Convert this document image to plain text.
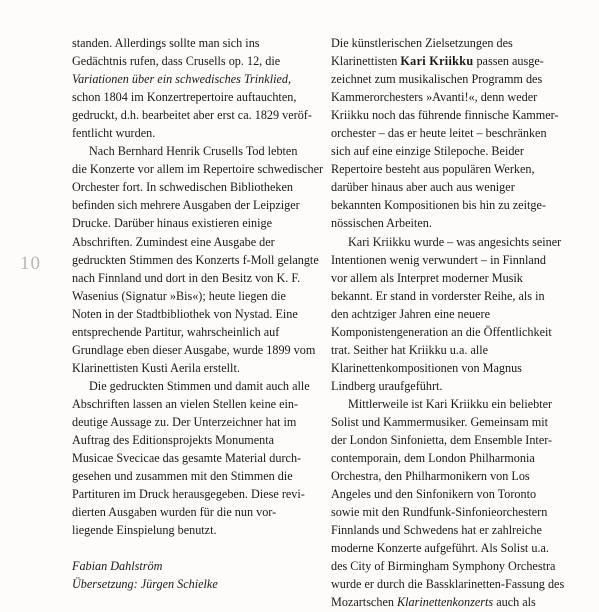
10

standen. Allerdings sollte man sich ins
Gedächtnis rufen, dass Crusells op. 12, die
Variationen über ein schwedisches Trinklied,
schon 1804 im Konzertrepertoire auftauchten,
gedruckt, d.h. bearbeitet aber erst ca. 1829 veröf-
fentlicht wurden.

Nach Bernhard Henrik Crusells Tod lebten
die Konzerte vor allem im Repertoire schwedischer
Orchester fort. In schwedischen Bibliotheken
befinden sich mehrere Ausgaben der Leipziger
Drucke. Darüber hinaus existieren einige
Abschriften. Zumindest eine Ausgabe der
gedruckten Stimmen des Konzerts f-Moll gelangte
nach Finnland und dort in den Besitz von K. F.
Wasenius (Signatur »Bis«); heute liegen die
Noten in der Stadtbibliothek von Nystad. Eine
entsprechende Partitur, wahrscheinlich auf
Grundlage eben dieser Ausgabe, wurde 1899 vom
Klarinettisten Kusti Aerila erstellt.

Die gedruckten Stimmen und damit auch alle
Abschriften lassen an vielen Stellen keine ein-
deutige Aussage zu. Der Unterzeichner hat im
Auftrag des Editionsprojekts Monumenta
Musicae Svecicae das gesamte Material durch-
gesehen und zusammen mit den Stimmen die
Partituren im Druck herausgegeben. Diese revi-
dierten Ausgaben wurden für die nun vor-
liegende Einspielung benutzt.

Fabian Dahlström
Übersetzung: Jürgen Schielke

Die künstlerischen Zielsetzungen des
Klarinettisten Kari Kriikku passen ausge-
zeichnet zum musikalischen Programm des
Kammerorchesters »Avanti!«, denn weder
Kriikku noch das führende finnische Kammer-
orchester – das er heute leitet – beschränken
sich auf eine einzige Stilepoche. Beider
Repertoire besteht aus populären Werken,
darüber hinaus aber auch aus weniger
bekannten Kompositionen bis hin zu zeitge-
nössischen Arbeiten.

Kari Kriikku wurde – was angesichts seiner
Intentionen wenig verwundert – in Finnland
vor allem als Interpret moderner Musik
bekannt. Er stand in vorderster Reihe, als in
den achtziger Jahren eine neuere
Komponistengeneration an die Öffentlichkeit
trat. Seither hat Kriikku u.a. alle
Klarinettenkompositionen von Magnus
Lindberg uraufgeführt.

Mittlerweile ist Kari Kriikku ein beliebter
Solist und Kammermusiker. Gemeinsam mit
der London Sinfonietta, dem Ensemble Inter-
contemporain, dem London Philharmonia
Orchestra, den Philharmonikern von Los
Angeles und den Sinfonikern von Toronto
sowie mit den Rundfunk-Sinfonieorchestern
Finnlands und Schwedens hat er zahlreiche
moderne Konzerte aufgeführt. Als Solist u.a.
des City of Birmingham Symphony Orchestra
wurde er durch die Bassklarinetten-Fassung des
Mozartschen Klarinettenkonzerts auch als
